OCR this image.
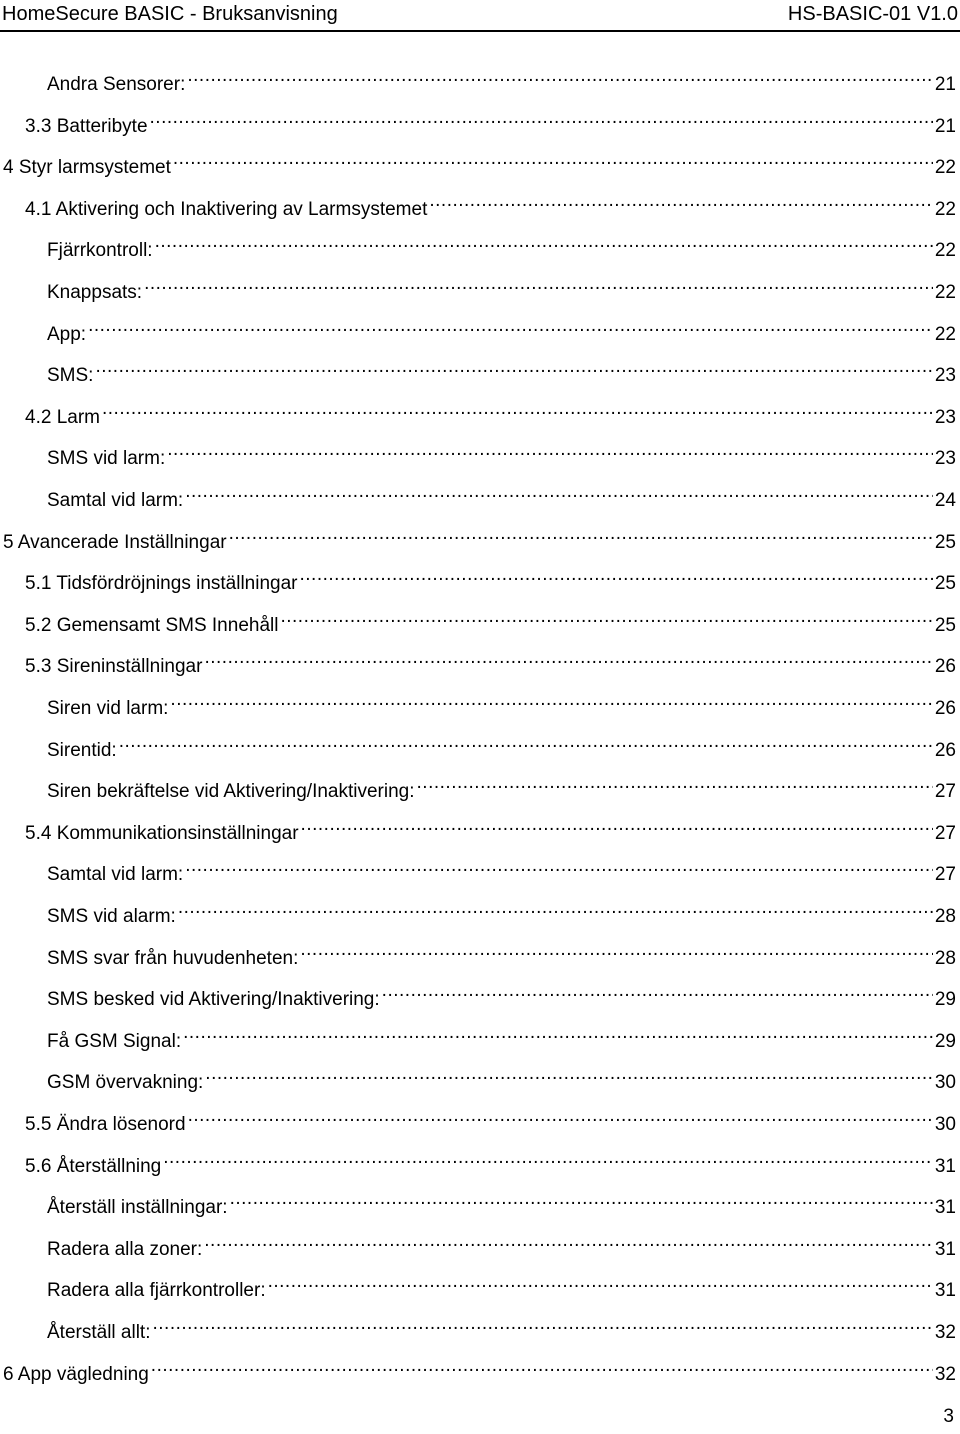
HomeSecure BASIC - Bruksanvisning	HS-BASIC-01 V1.0
Andra Sensorer: .....	21
3.3 Batteribyte .....	21
4 Styr larmsystemet .....	22
4.1 Aktivering och Inaktivering av Larmsystemet .....	22
Fjärrkontroll: .....	22
Knappsats: .....	22
App: .....	22
SMS: .....	23
4.2 Larm .....	23
SMS vid larm: .....	23
Samtal vid larm: .....	24
5 Avancerade Inställningar .....	25
5.1 Tidsfördröjnings inställningar .....	25
5.2 Gemensamt SMS Innehåll .....	25
5.3 Sireninställningar .....	26
Siren vid larm: .....	26
Sirentid: .....	26
Siren bekräftelse vid Aktivering/Inaktivering: .....	27
5.4 Kommunikationsinställningar .....	27
Samtal vid larm: .....	27
SMS vid alarm: .....	28
SMS svar från huvudenheten: .....	28
SMS besked vid Aktivering/Inaktivering: .....	29
Få GSM Signal: .....	29
GSM övervakning: .....	30
5.5 Ändra lösenord .....	30
5.6 Återställning .....	31
Återställ inställningar: .....	31
Radera alla zoner: .....	31
Radera alla fjärrkontroller: .....	31
Återställ allt: .....	32
6 App vägledning .....	32
3
